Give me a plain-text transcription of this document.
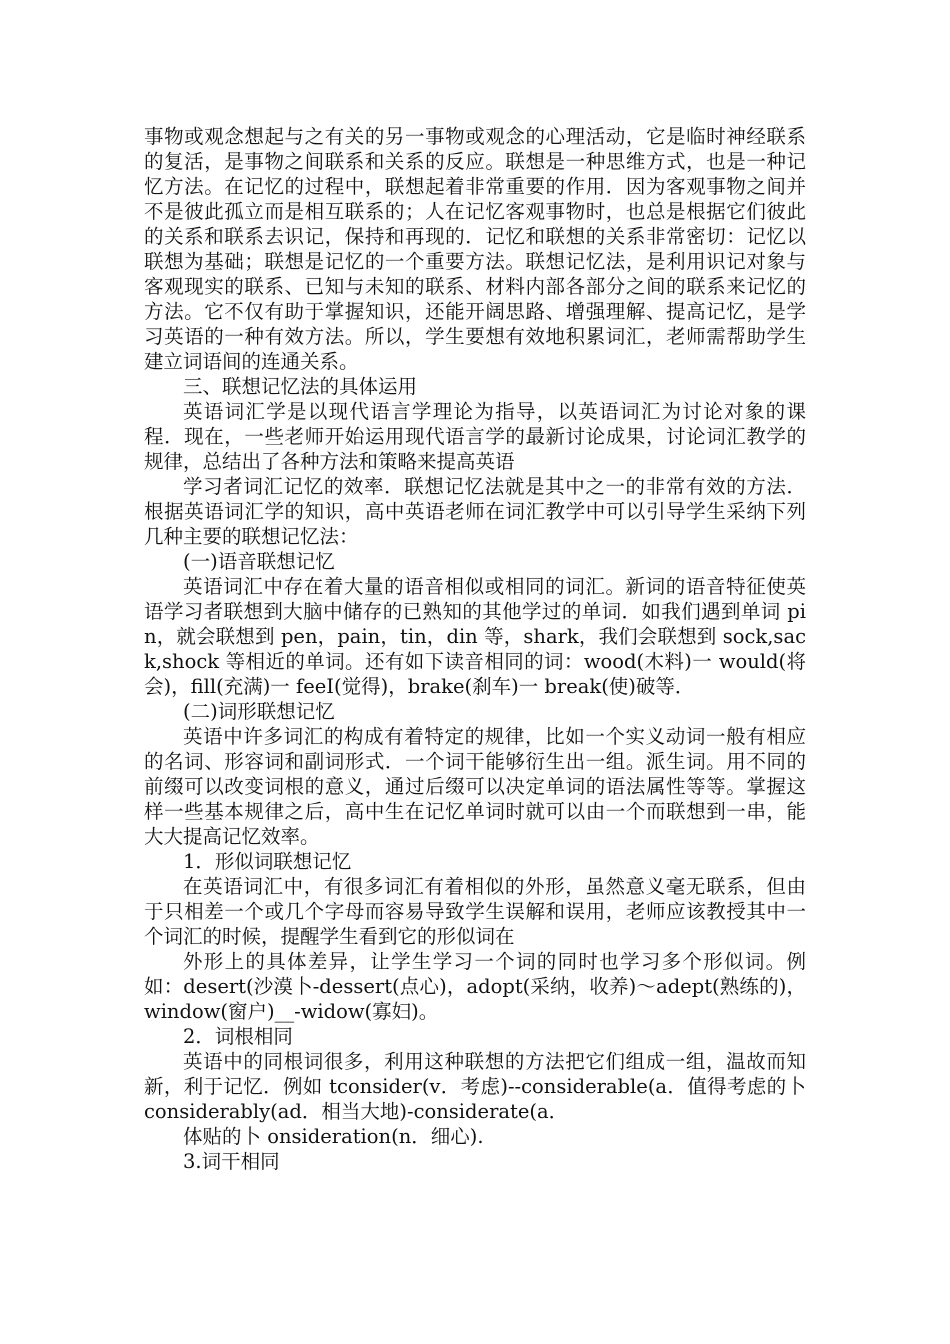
事物或观念想起与之有关的另一事物或观念的心理活动，它是临时神经联系的复活，是事物之间联系和关系的反应。联想是一种思维方式，也是一种记忆方法。在记忆的过程中，联想起着非常重要的作用．因为客观事物之间并不是彼此孤立而是相互联系的；人在记忆客观事物时，也总是根据它们彼此的关系和联系去识记，保持和再现的．记忆和联想的关系非常密切：记忆以联想为基础；联想是记忆的一个重要方法。联想记忆法，是利用识记对象与客观现实的联系、已知与未知的联系、材料内部各部分之间的联系来记忆的方法。它不仅有助于掌握知识，还能开阔思路、增强理解、提高记忆，是学习英语的一种有效方法。所以，学生要想有效地积累词汇，老师需帮助学生建立词语间的连通关系。

三、联想记忆法的具体运用

英语词汇学是以现代语言学理论为指导，以英语词汇为讨论对象的课程．现在，一些老师开始运用现代语言学的最新讨论成果，讨论词汇教学的规律，总结出了各种方法和策略来提高英语

学习者词汇记忆的效率．联想记忆法就是其中之一的非常有效的方法．根据英语词汇学的知识，高中英语老师在词汇教学中可以引导学生采纳下列几种主要的联想记忆法：

(一)语音联想记忆

英语词汇中存在着大量的语音相似或相同的词汇。新词的语音特征使英语学习者联想到大脑中储存的已熟知的其他学过的单词．如我们遇到单词 pin，就会联想到 pen，pain，tin，din 等，shark，我们会联想到 sock,sack,shock 等相近的单词。还有如下读音相同的词：wood(木料)一 would(将会)，fill(充满)一 feeI(觉得)，brake(刹车)一 break(使)破等．

(二)词形联想记忆

英语中许多词汇的构成有着特定的规律，比如一个实义动词一般有相应的名词、形容词和副词形式．一个词干能够衍生出一组。派生词。用不同的前缀可以改变词根的意义，通过后缀可以决定单词的语法属性等等。掌握这样一些基本规律之后，高中生在记忆单词时就可以由一个而联想到一串，能大大提高记忆效率。

1．形似词联想记忆

在英语词汇中，有很多词汇有着相似的外形，虽然意义毫无联系，但由于只相差一个或几个字母而容易导致学生误解和误用，老师应该教授其中一个词汇的时候，提醒学生看到它的形似词在

外形上的具体差异，让学生学习一个词的同时也学习多个形似词。例如：desert(沙漠卜-dessert(点心)，adopt(采纳，收养)～adept(熟练的)，window(窗户)__-widow(寡妇)。

2．词根相同

英语中的同根词很多，利用这种联想的方法把它们组成一组，温故而知新，利于记忆．例如 tconsider(v．考虑)--considerable(a．值得考虑的卜 considerably(ad．相当大地)-considerate(a．

体贴的卜 onsideration(n．细心).

3.词干相同
